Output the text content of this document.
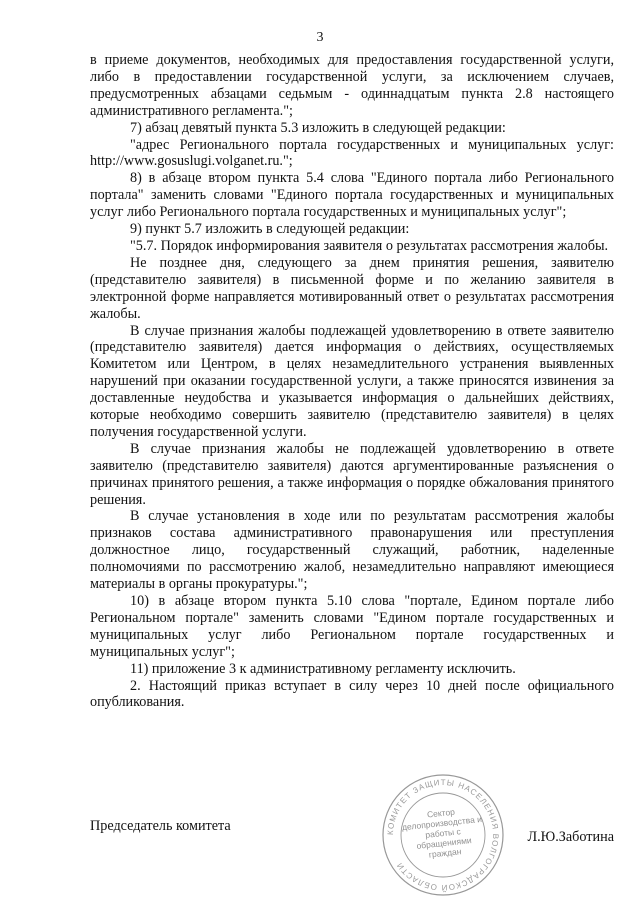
3

в приеме документов, необходимых для предоставления государственной услуги, либо в предоставлении государственной услуги, за исключением случаев, предусмотренных абзацами седьмым - одиннадцатым пункта 2.8 настоящего административного регламента.";

7) абзац девятый пункта 5.3 изложить в следующей редакции:

"адрес Регионального портала государственных и муниципальных услуг: http://www.gosuslugi.volganet.ru.";

8) в абзаце втором пункта 5.4 слова "Единого портала либо Регионального портала" заменить словами "Единого портала государственных и муниципальных услуг либо Регионального портала государственных и муниципальных услуг";

9) пункт 5.7 изложить в следующей редакции:

"5.7. Порядок информирования заявителя о результатах рассмотрения жалобы.

Не позднее дня, следующего за днем принятия решения, заявителю (представителю заявителя) в письменной форме и по желанию заявителя в электронной форме направляется мотивированный ответ о результатах рассмотрения жалобы.

В случае признания жалобы подлежащей удовлетворению в ответе заявителю (представителю заявителя) дается информация о действиях, осуществляемых Комитетом или Центром, в целях незамедлительного устранения выявленных нарушений при оказании государственной услуги, а также приносятся извинения за доставленные неудобства и указывается информация о дальнейших действиях, которые необходимо совершить заявителю (представителю заявителя) в целях получения государственной услуги.

В случае признания жалобы не подлежащей удовлетворению в ответе заявителю (представителю заявителя) даются аргументированные разъяснения о причинах принятого решения, а также информация о порядке обжалования принятого решения.

В случае установления в ходе или по результатам рассмотрения жалобы признаков состава административного правонарушения или преступления должностное лицо, государственный служащий, работник, наделенные полномочиями по рассмотрению жалоб, незамедлительно направляют имеющиеся материалы в органы прокуратуры.";

10) в абзаце втором пункта 5.10 слова "портале, Едином портале либо Региональном портале" заменить словами "Едином портале государственных и муниципальных услуг либо Региональном портале государственных и муниципальных услуг";

11) приложение 3 к административному регламенту исключить.

2. Настоящий приказ вступает в силу через 10 дней после официального опубликования.

Председатель комитета
Л.Ю.Заботина
КОМИТЕТ ЗАЩИТЫ НАСЕЛЕНИЯ ВОЛГОГРАДСКОЙ ОБЛАСТИ
Сектор делопроизводства и работы с обращениями граждан
